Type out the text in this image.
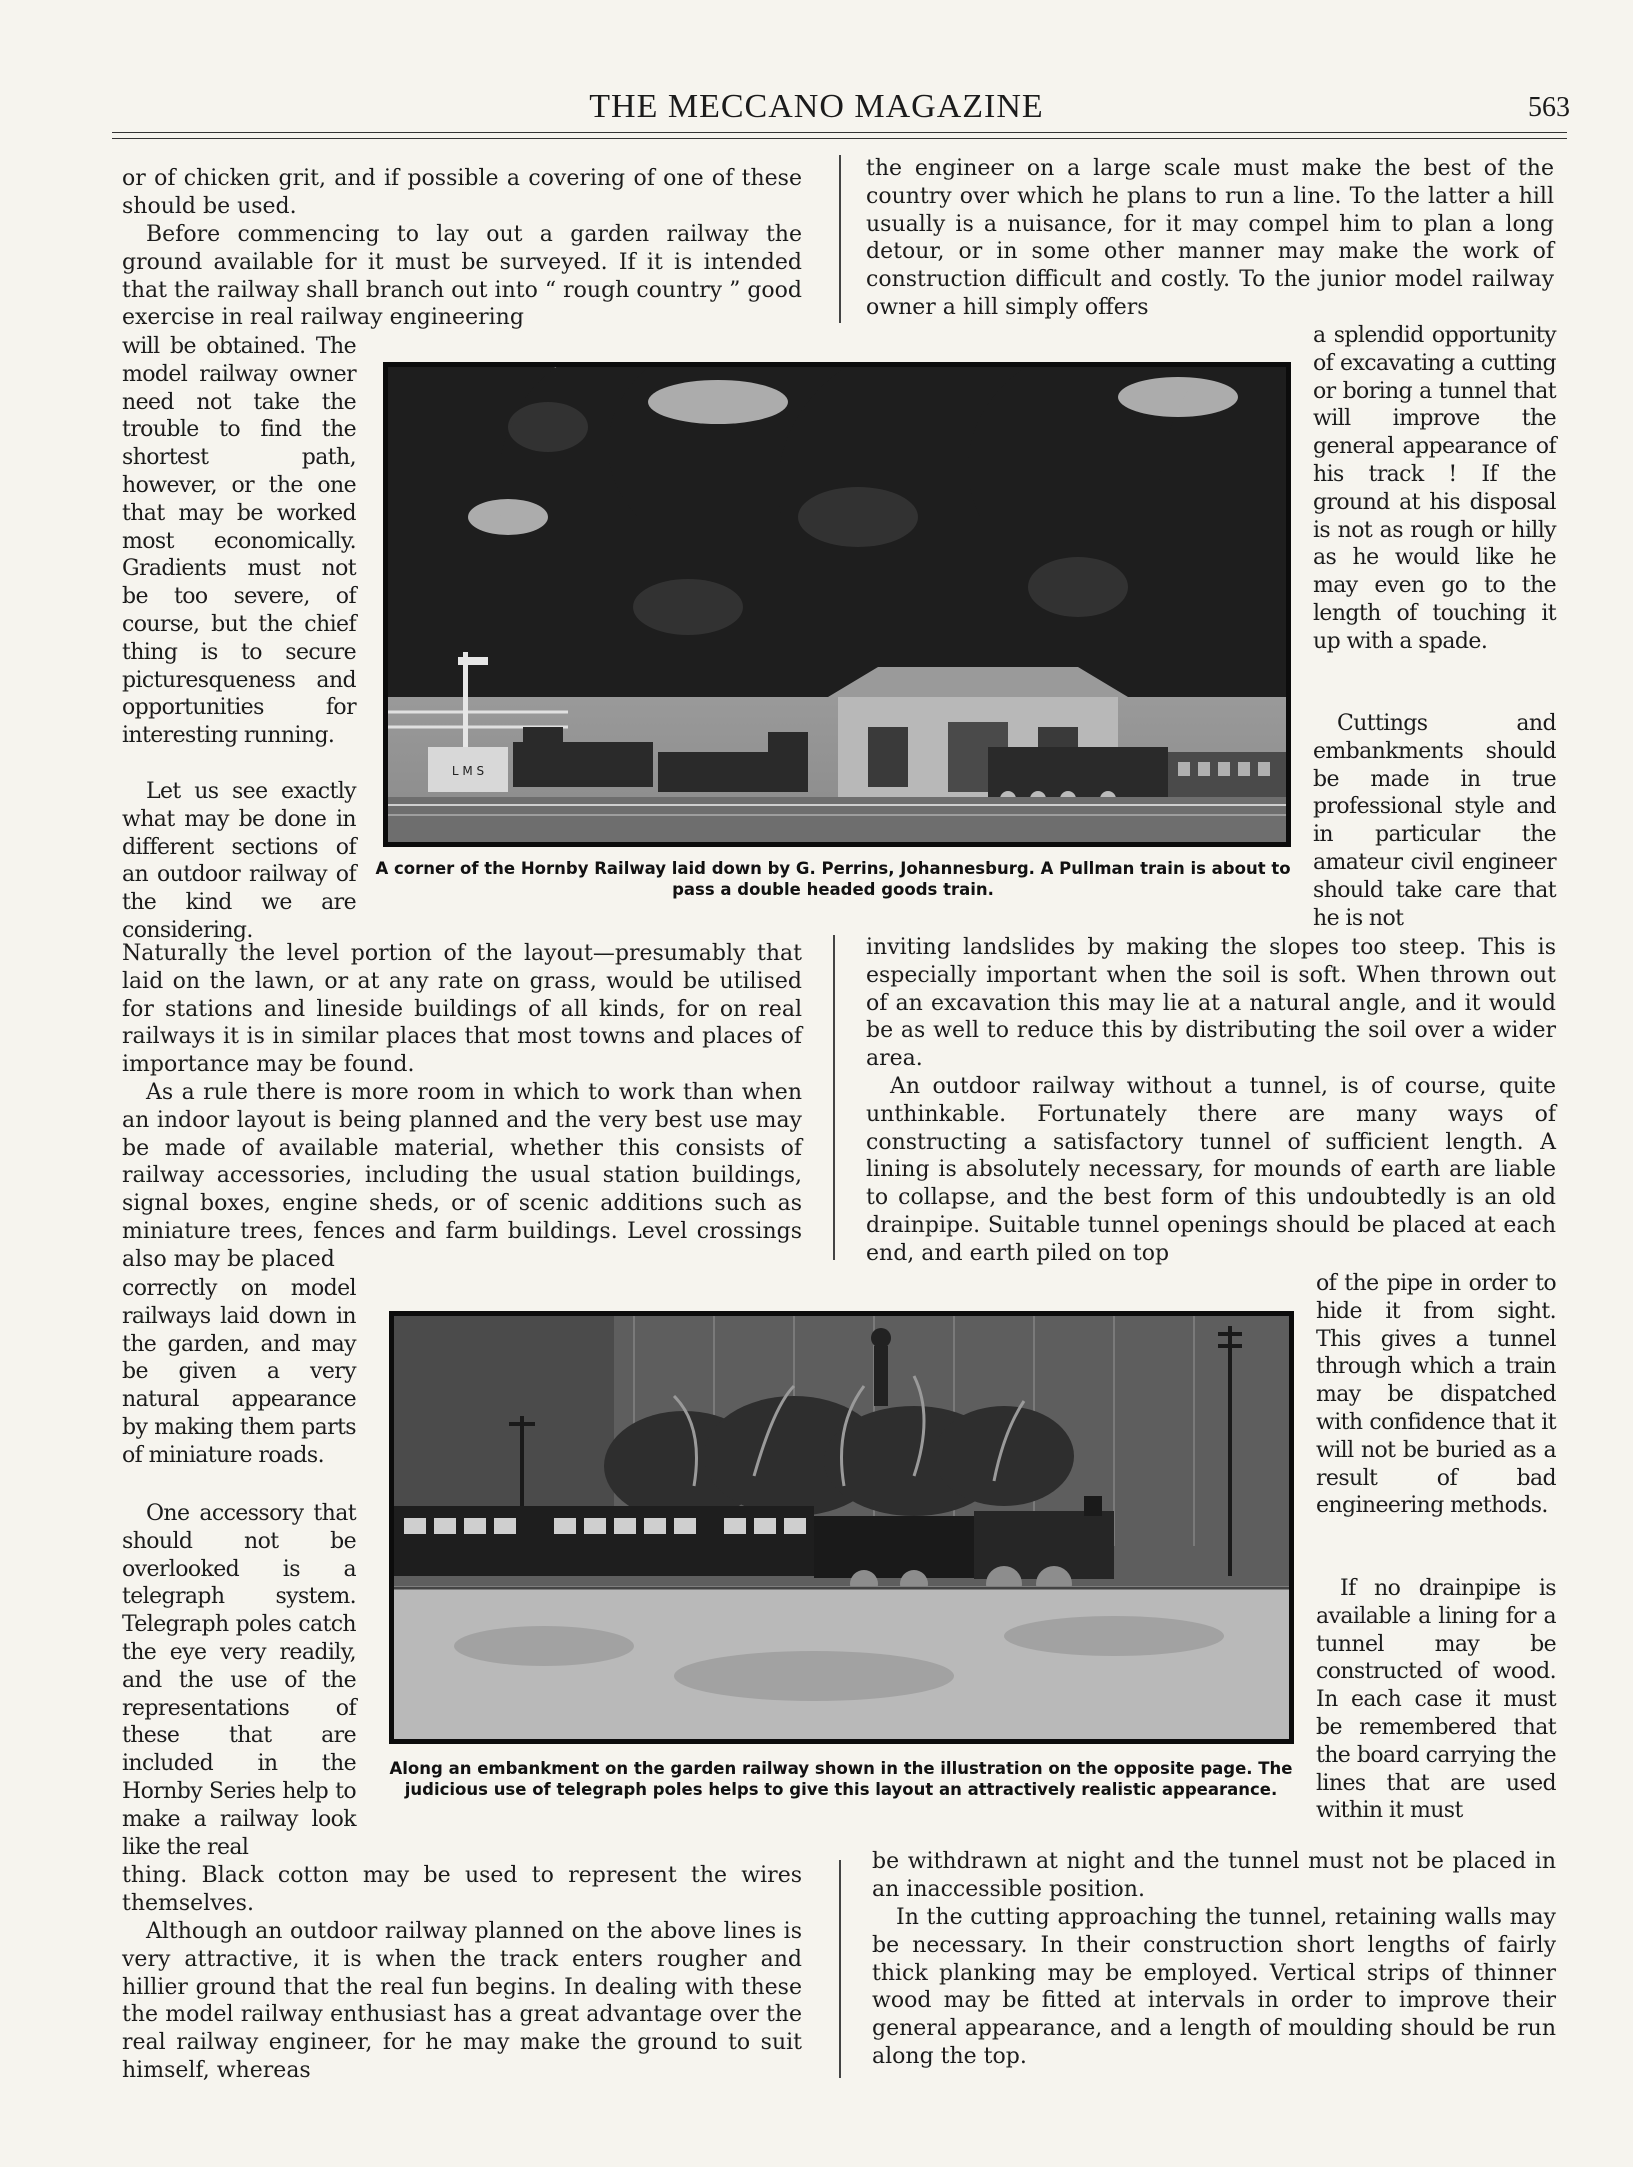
THE MECCANO MAGAZINE	563

or of chicken grit, and if possible a covering of one of these should be used.

Before commencing to lay out a garden railway the ground available for it must be surveyed. If it is intended that the railway shall branch out into “ rough country ” good exercise in real railway engineering

will be obtained. The model railway owner need not take the trouble to find the shortest path, however, or the one that may be worked most economically. Gradients must not be too severe, of course, but the chief thing is to secure picturesqueness and opportunities for interesting running.

Let us see exactly what may be done in different sections of an outdoor railway of the kind we are considering.

Naturally the level portion of the layout—presumably that laid on the lawn, or at any rate on grass, would be utilised for stations and lineside buildings of all kinds, for on real railways it is in similar places that most towns and places of importance may be found.

As a rule there is more room in which to work than when an indoor layout is being planned and the very best use may be made of available material, whether this consists of railway accessories, including the usual station buildings, signal boxes, engine sheds, or of scenic additions such as miniature trees, fences and farm buildings. Level crossings also may be placed

correctly on model railways laid down in the garden, and may be given a very natural appearance by making them parts of miniature roads.

One accessory that should not be overlooked is a telegraph system. Telegraph poles catch the eye very readily, and the use of the representations of these that are included in the Hornby Series help to make a railway look like the real

thing. Black cotton may be used to represent the wires themselves.

Although an outdoor railway planned on the above lines is very attractive, it is when the track enters rougher and hillier ground that the real fun begins. In dealing with these the model railway enthusiast has a great advantage over the real railway engineer, for he may make the ground to suit himself, whereas

the engineer on a large scale must make the best of the country over which he plans to run a line. To the latter a hill usually is a nuisance, for it may compel him to plan a long detour, or in some other manner may make the work of construction difficult and costly. To the junior model railway owner a hill simply offers

a splendid opportunity of excavating a cutting or boring a tunnel that will improve the general appearance of his track ! If the ground at his disposal is not as rough or hilly as he would like he may even go to the length of touching it up with a spade.

Cuttings and embankments should be made in true professional style and in particular the amateur civil engineer should take care that he is not

inviting landslides by making the slopes too steep. This is especially important when the soil is soft. When thrown out of an excavation this may lie at a natural angle, and it would be as well to reduce this by distributing the soil over a wider area.

An outdoor railway without a tunnel, is of course, quite unthinkable. Fortunately there are many ways of constructing a satisfactory tunnel of sufficient length. A lining is absolutely necessary, for mounds of earth are liable to collapse, and the best form of this undoubtedly is an old drainpipe. Suitable tunnel openings should be placed at each end, and earth piled on top

of the pipe in order to hide it from sight. This gives a tunnel through which a train may be dispatched with confidence that it will not be buried as a result of bad engineering methods.

If no drainpipe is available a lining for a tunnel may be constructed of wood. In each case it must be remembered that the board carrying the lines that are used within it must

be withdrawn at night and the tunnel must not be placed in an inaccessible position.

In the cutting approaching the tunnel, retaining walls may be necessary. In their construction short lengths of fairly thick planking may be employed. Vertical strips of thinner wood may be fitted at intervals in order to improve their general appearance, and a length of moulding should be run along the top.

L M S
A corner of the Hornby Railway laid down by G. Perrins, Johannesburg. A Pullman train is about to pass a double headed goods train.
Along an embankment on the garden railway shown in the illustration on the opposite page. The judicious use of telegraph poles helps to give this layout an attractively realistic appearance.
